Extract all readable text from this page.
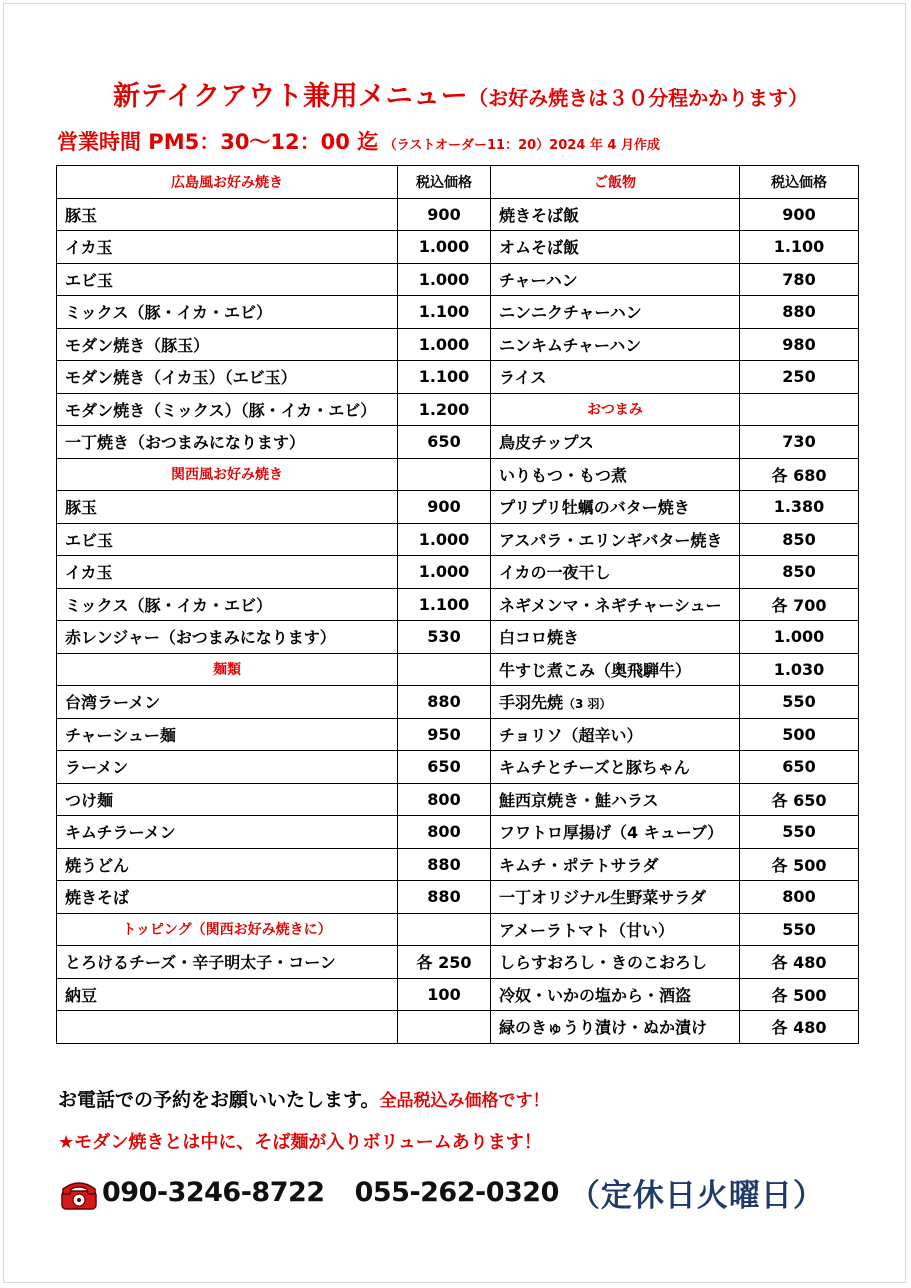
新テイクアウト兼用メニュー（お好み焼きは３０分程かかります）
営業時間 PM5：30～12：00 迄 （ラストオーダー11：20）2024 年 4 月作成
広島風お好み焼き	税込価格	ご飯物	税込価格
豚玉	900	焼きそば飯	900
イカ玉	1.000	オムそば飯	1.100
エビ玉	1.000	チャーハン	780
ミックス（豚・イカ・エビ）	1.100	ニンニクチャーハン	880
モダン焼き（豚玉）	1.000	ニンキムチャーハン	980
モダン焼き（イカ玉）（エビ玉）	1.100	ライス	250
モダン焼き（ミックス）（豚・イカ・エビ）	1.200	おつまみ	
一丁焼き（おつまみになります）	650	鳥皮チップス	730
関西風お好み焼き		いりもつ・もつ煮	各 680
豚玉	900	プリプリ牡蠣のバター焼き	1.380
エビ玉	1.000	アスパラ・エリンギバター焼き	850
イカ玉	1.000	イカの一夜干し	850
ミックス（豚・イカ・エビ）	1.100	ネギメンマ・ネギチャーシュー	各 700
赤レンジャー（おつまみになります）	530	白コロ焼き	1.000
麺類		牛すじ煮こみ（奥飛騨牛）	1.030
台湾ラーメン	880	手羽先焼（3 羽）	550
チャーシュー麺	950	チョリソ（超辛い）	500
ラーメン	650	キムチとチーズと豚ちゃん	650
つけ麺	800	鮭西京焼き・鮭ハラス	各 650
キムチラーメン	800	フワトロ厚揚げ（4 キューブ）	550
焼うどん	880	キムチ・ポテトサラダ	各 500
焼きそば	880	一丁オリジナル生野菜サラダ	800
トッピング（関西お好み焼きに）		アメーラトマト（甘い）	550
とろけるチーズ・辛子明太子・コーン	各 250	しらすおろし・きのこおろし	各 480
納豆	100	冷奴・いかの塩から・酒盗	各 500
		緑のきゅうり漬け・ぬか漬け	各 480
お電話での予約をお願いいたします。全品税込み価格です！
★モダン焼きとは中に、そば麺が入りボリュームあります！
090-3246-8722 055-262-0320 （定休日火曜日）
